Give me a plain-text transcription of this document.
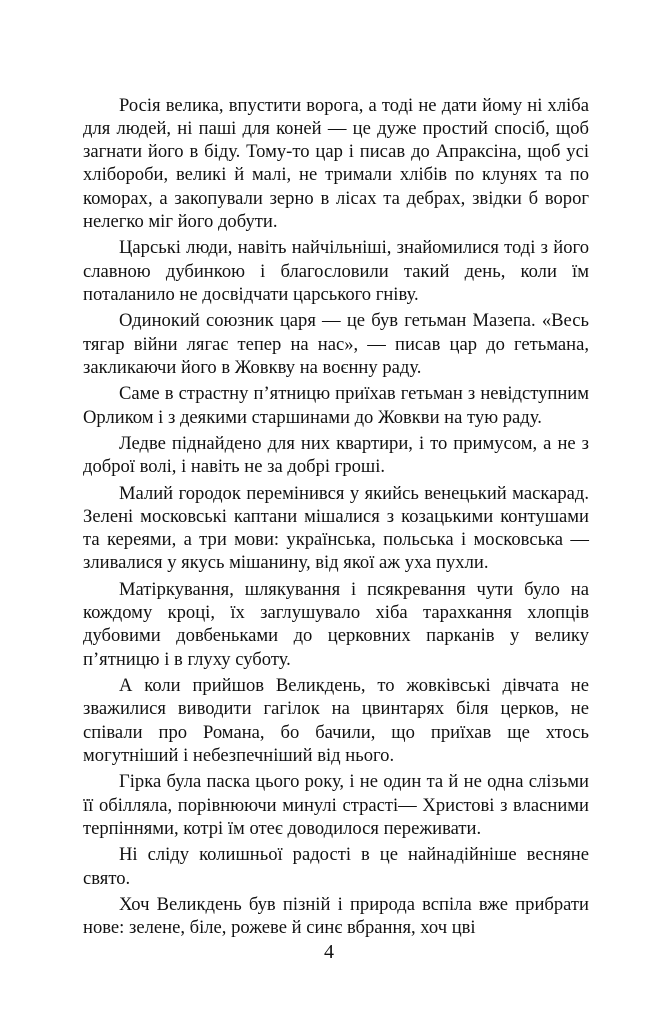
Росія велика, впустити ворога, а тоді не дати йому ні хліба для людей, ні паші для коней — це дуже простий спосіб, щоб загнати його в біду. Тому-то цар і писав до Апраксіна, щоб усі хлібороби, великі й малі, не тримали хлібів по клунях та по коморах, а закопували зерно в лісах та дебрах, звідки б ворог нелегко міг його добути.

Царські люди, навіть найчільніші, знайомилися тоді з його славною дубинкою і благословили такий день, коли їм поталанило не досвідчати царського гніву.

Одинокий союзник царя — це був гетьман Мазепа. «Весь тягар війни лягає тепер на нас», — писав цар до гетьмана, закликаючи його в Жовкву на воєнну раду.

Саме в страстну п’ятницю приїхав гетьман з невідступним Орликом і з деякими старшинами до Жовкви на тую раду.

Ледве піднайдено для них квартири, і то примусом, а не з доброї волі, і навіть не за добрі гроші.

Малий городок перемінився у якийсь венецький маскарад. Зелені московські каптани мішалися з козацькими контушами та кереями, а три мови: українська, польська і московська — зливалися у якусь мішанину, від якої аж уха пухли.

Матіркування, шлякування і псякревання чути було на кождому кроці, їх заглушувало хіба тарахкання хлопців дубовими довбеньками до церковних парканів у велику п’ятницю і в глуху суботу.

А коли прийшов Великдень, то жовківські дівчата не зважилися виводити гагілок на цвинтарях біля церков, не співали про Романа, бо бачили, що приїхав ще хтось могутніший і небезпечніший від нього.

Гірка була паска цього року, і не один та й не одна слізьми її обілляла, порівнюючи минулі страсті— Христові з власними терпіннями, котрі їм отеє доводилося переживати.

Ні сліду колишньої радості в це найнадійніше весняне свято.

Хоч Великдень був пізній і природа вспіла вже прибрати нове: зелене, біле, рожеве й синє вбрання, хоч цві

4
